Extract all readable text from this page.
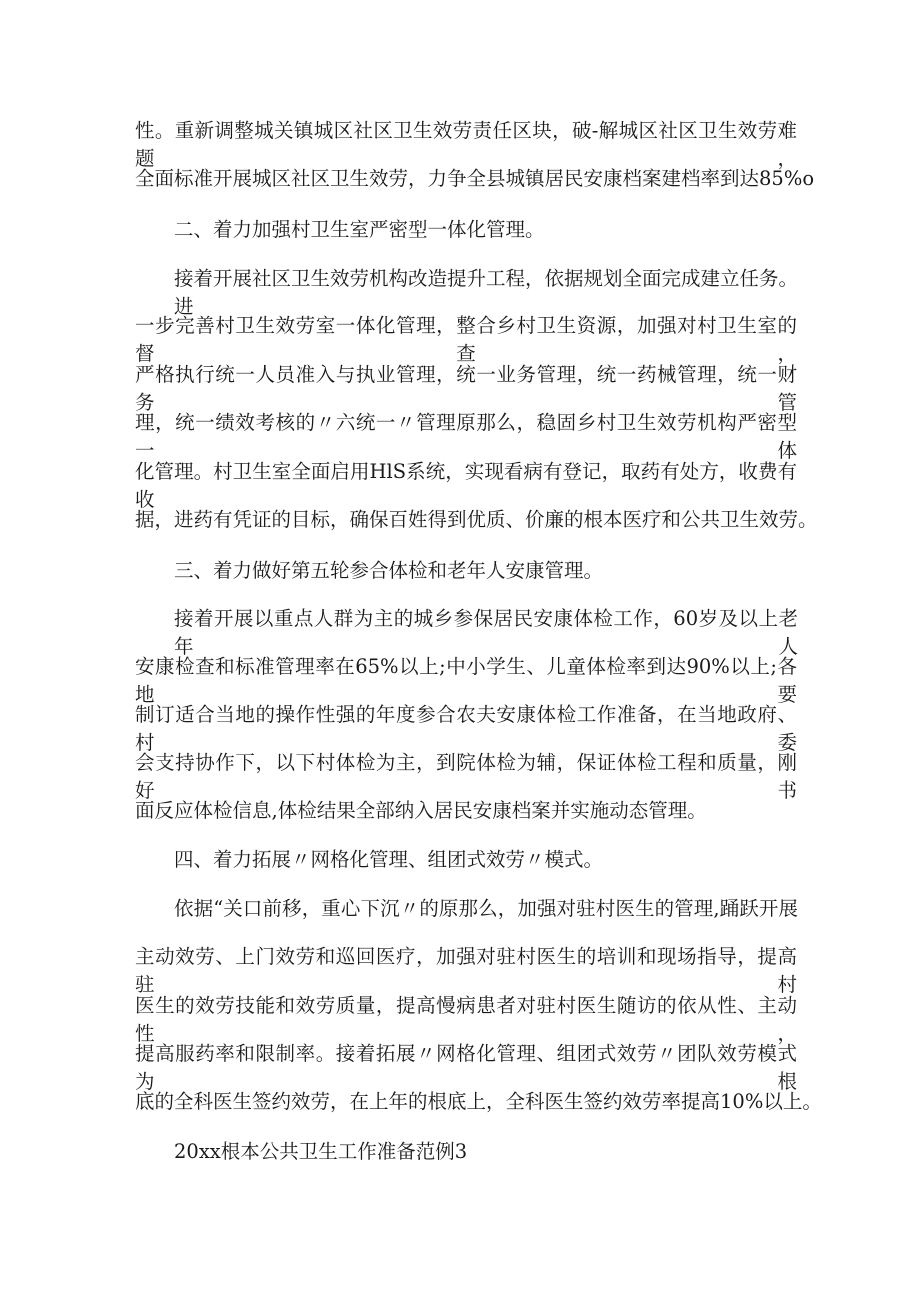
性。重新调整城关镇城区社区卫生效劳责任区块，破-解城区社区卫生效劳难题，
全面标准开展城区社区卫生效劳，力争全县城镇居民安康档案建档率到达85%o
二、着力加强村卫生室严密型一体化管理。
接着开展社区卫生效劳机构改造提升工程，依据规划全面完成建立任务。进
一步完善村卫生效劳室一体化管理，整合乡村卫生资源，加强对村卫生室的督查，
严格执行统一人员准入与执业管理，统一业务管理，统一药械管理，统一财务管
理，统一绩效考核的〃六统一〃管理原那么，稳固乡村卫生效劳机构严密型一体
化管理。村卫生室全面启用HlS系统，实现看病有登记，取药有处方，收费有收
据，进药有凭证的目标，确保百姓得到优质、价廉的根本医疗和公共卫生效劳。
三、着力做好第五轮参合体检和老年人安康管理。
接着开展以重点人群为主的城乡参保居民安康体检工作，60岁及以上老年人
安康检查和标准管理率在65%以上;中小学生、儿童体检率到达90%以上;各地要
制订适合当地的操作性强的年度参合农夫安康体检工作准备，在当地政府、村委
会支持协作下，以下村体检为主，到院体检为辅，保证体检工程和质量，刚好书
面反应体检信息,体检结果全部纳入居民安康档案并实施动态管理。
四、着力拓展〃网格化管理、组团式效劳〃模式。
依据“关口前移，重心下沉〃的原那么，加强对驻村医生的管理,踊跃开展
主动效劳、上门效劳和巡回医疗，加强对驻村医生的培训和现场指导，提高驻村
医生的效劳技能和效劳质量，提高慢病患者对驻村医生随访的依从性、主动性，
提高服药率和限制率。接着拓展〃网格化管理、组团式效劳〃团队效劳模式为根
底的全科医生签约效劳，在上年的根底上，全科医生签约效劳率提高10%以上。
20xx根本公共卫生工作准备范例3
